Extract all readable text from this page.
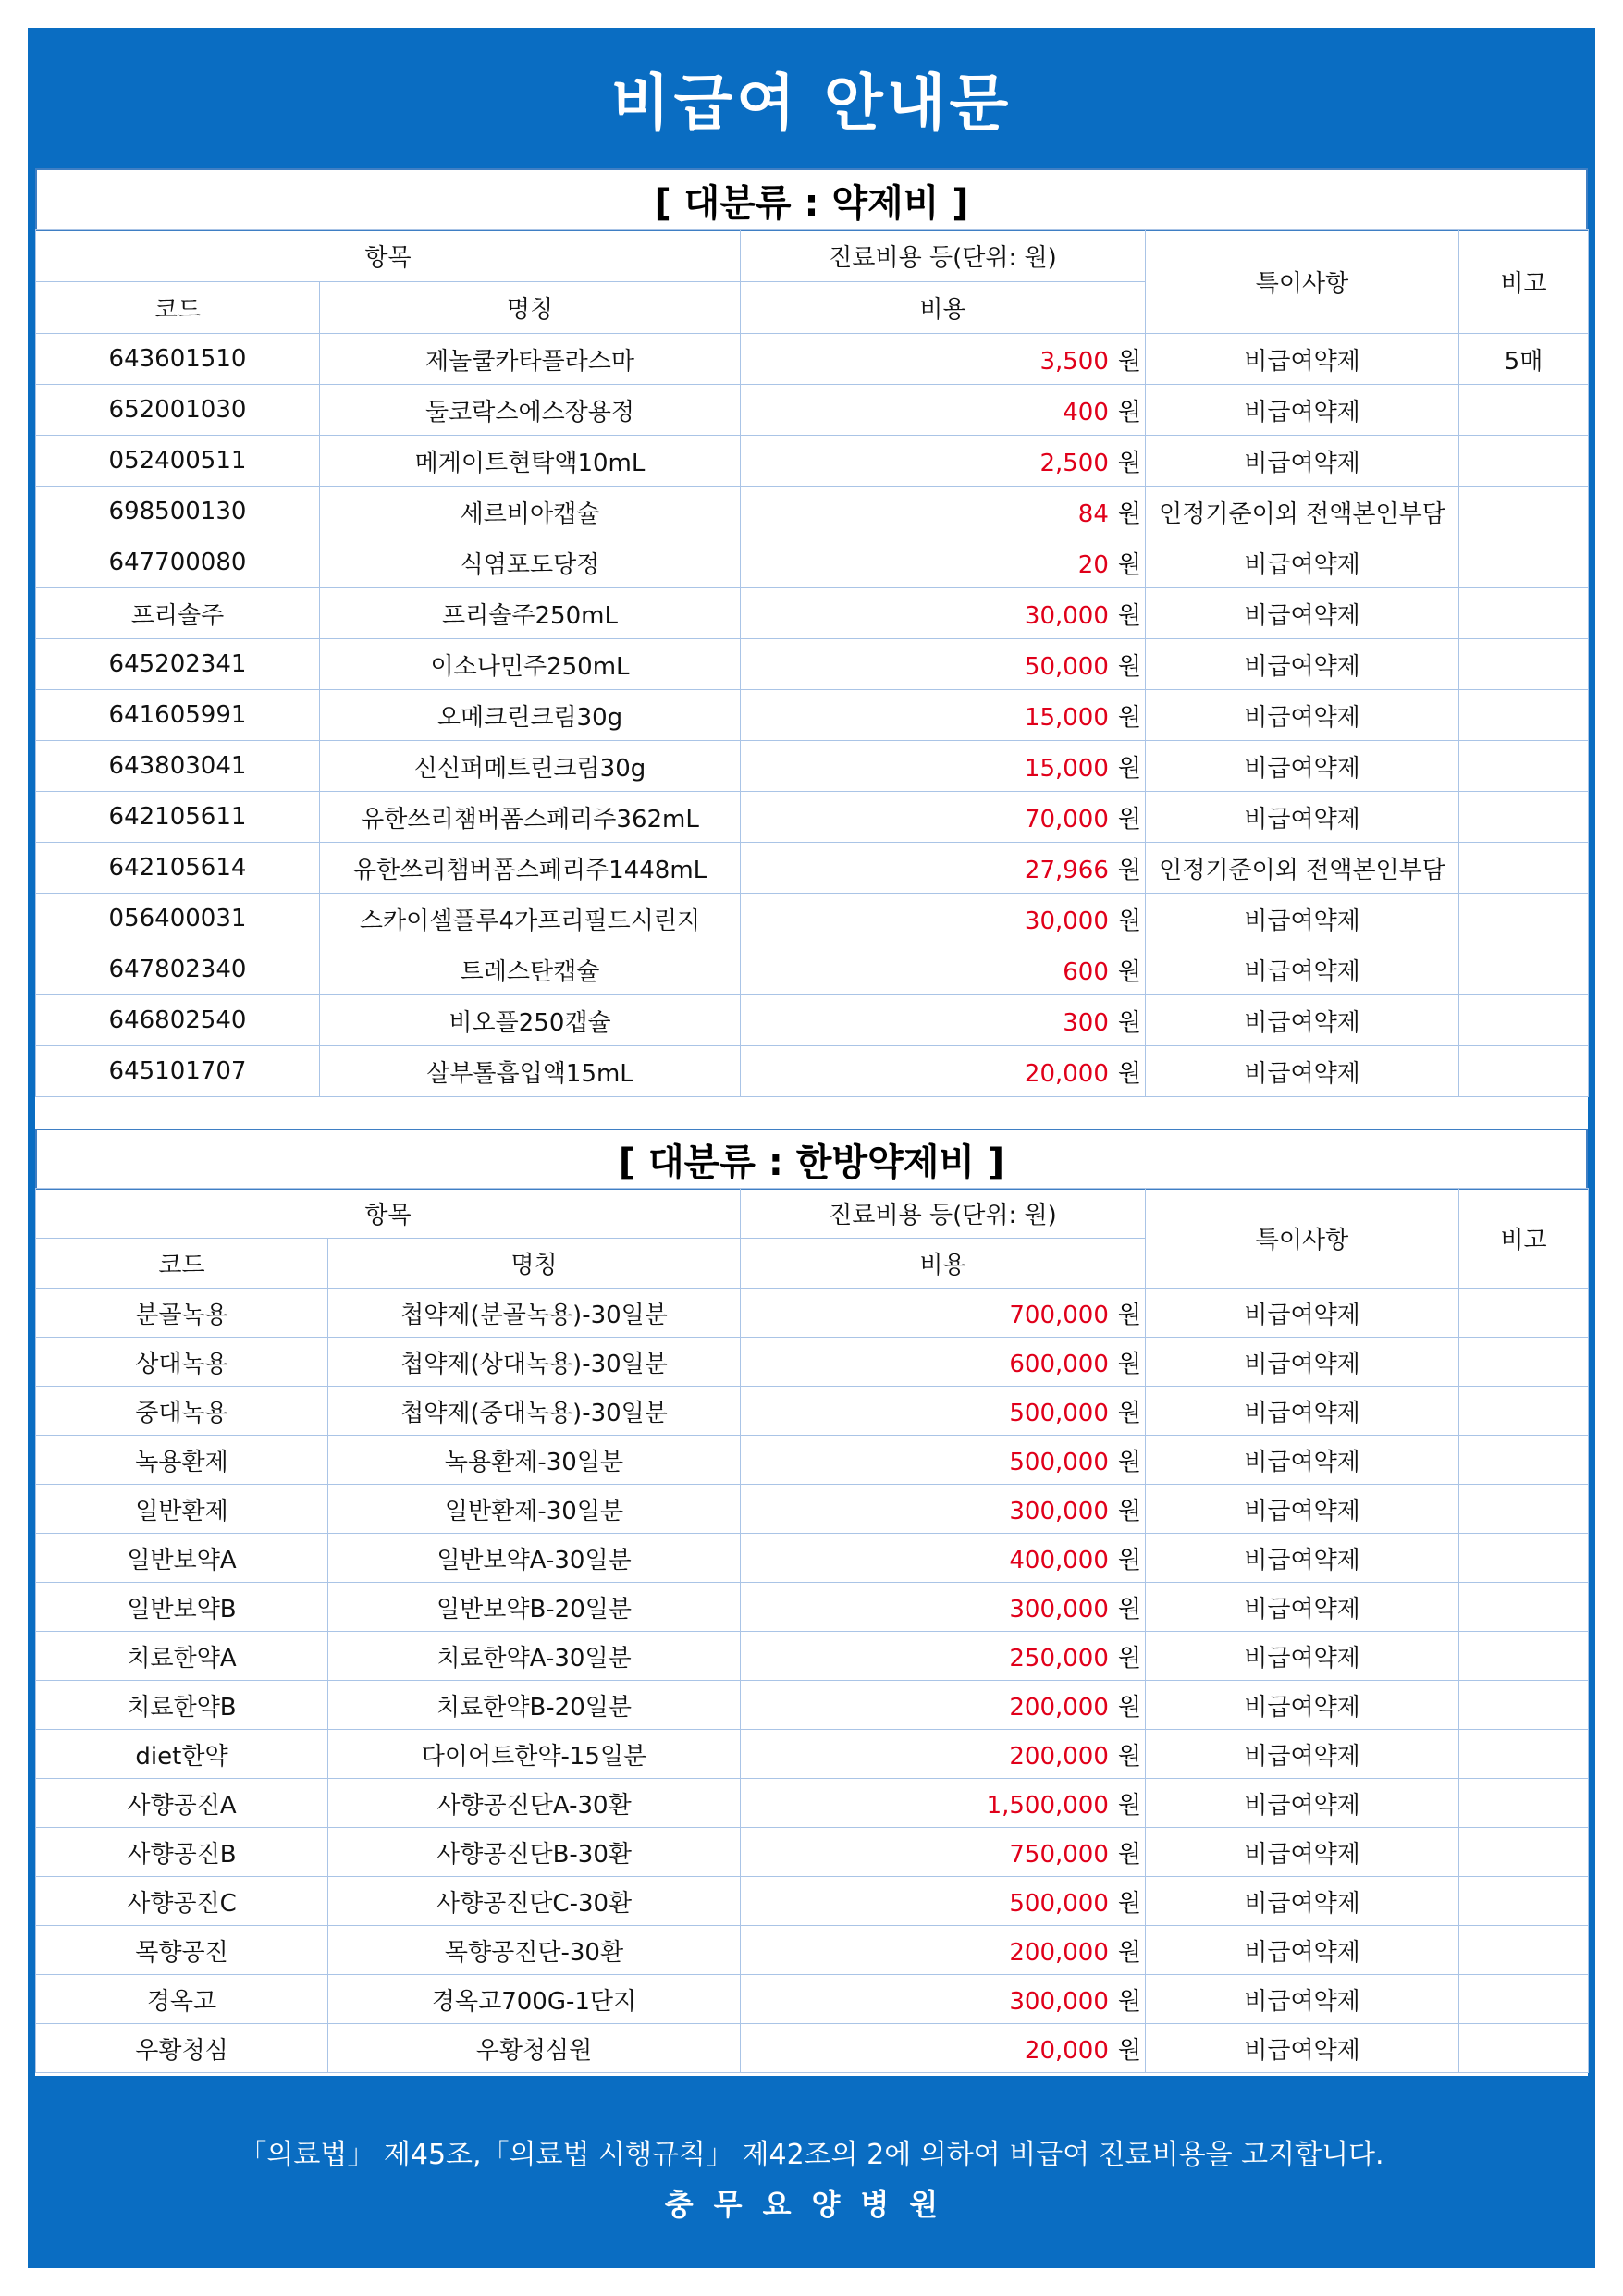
비급여 안내문
[ 대분류 : 약제비 ]
항목		진료비용 등(단위: 원)	특이사항	비고
코드	명칭	비용		
643601510	제놀쿨카타플라스마	3,500 원	비급여약제	5매
652001030	둘코락스에스장용정	400 원	비급여약제	
052400511	메게이트현탁액10mL	2,500 원	비급여약제	
698500130	세르비아캡슐	84 원	인정기준이외 전액본인부담	
647700080	식염포도당정	20 원	비급여약제	
프리솔주	프리솔주250mL	30,000 원	비급여약제	
645202341	이소나민주250mL	50,000 원	비급여약제	
641605991	오메크린크림30g	15,000 원	비급여약제	
643803041	신신퍼메트린크림30g	15,000 원	비급여약제	
642105611	유한쓰리챔버폼스페리주362mL	70,000 원	비급여약제	
642105614	유한쓰리챔버폼스페리주1448mL	27,966 원	인정기준이외 전액본인부담	
056400031	스카이셀플루4가프리필드시린지	30,000 원	비급여약제	
647802340	트레스탄캡슐	600 원	비급여약제	
646802540	비오플250캡슐	300 원	비급여약제	
645101707	살부톨흡입액15mL	20,000 원	비급여약제	
[ 대분류 : 한방약제비 ]
항목		진료비용 등(단위: 원)	특이사항	비고
코드	명칭	비용		
분골녹용	첩약제(분골녹용)-30일분	700,000 원	비급여약제	
상대녹용	첩약제(상대녹용)-30일분	600,000 원	비급여약제	
중대녹용	첩약제(중대녹용)-30일분	500,000 원	비급여약제	
녹용환제	녹용환제-30일분	500,000 원	비급여약제	
일반환제	일반환제-30일분	300,000 원	비급여약제	
일반보약A	일반보약A-30일분	400,000 원	비급여약제	
일반보약B	일반보약B-20일분	300,000 원	비급여약제	
치료한약A	치료한약A-30일분	250,000 원	비급여약제	
치료한약B	치료한약B-20일분	200,000 원	비급여약제	
diet한약	다이어트한약-15일분	200,000 원	비급여약제	
사향공진A	사향공진단A-30환	1,500,000 원	비급여약제	
사향공진B	사향공진단B-30환	750,000 원	비급여약제	
사향공진C	사향공진단C-30환	500,000 원	비급여약제	
목향공진	목향공진단-30환	200,000 원	비급여약제	
경옥고	경옥고700G-1단지	300,000 원	비급여약제	
우황청심	우황청심원	20,000 원	비급여약제	
「의료법」 제45조,「의료법 시행규칙」 제42조의 2에 의하여 비급여 진료비용을 고지합니다.
충무요양병원
